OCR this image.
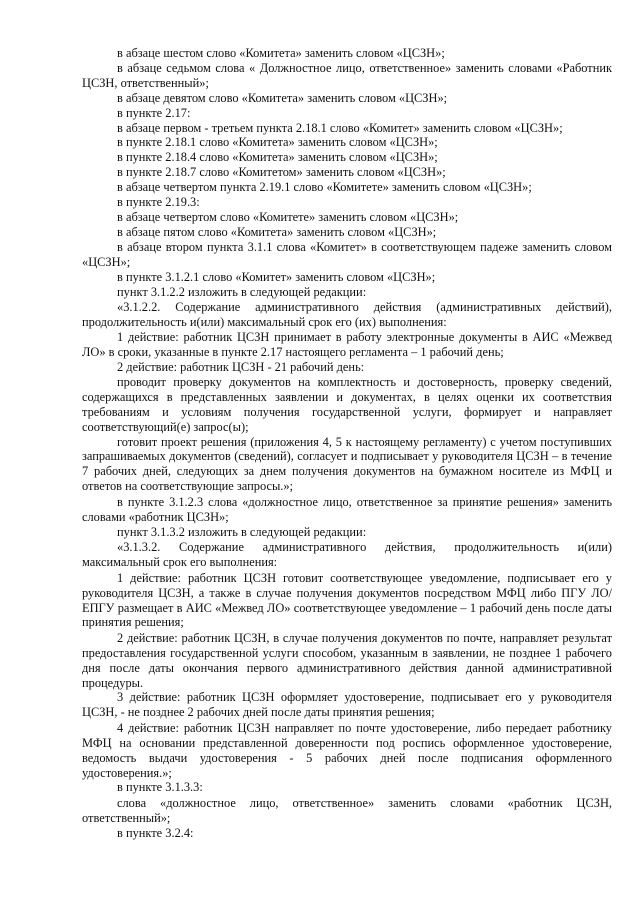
в абзаце шестом слово «Комитета» заменить словом «ЦСЗН»;

в абзаце седьмом слова « Должностное лицо, ответственное» заменить словами «Работник ЦСЗН, ответственный»;

в абзаце девятом слово «Комитета» заменить словом «ЦСЗН»;

в пункте 2.17:

в абзаце первом - третьем пункта 2.18.1 слово «Комитет» заменить словом «ЦСЗН»;

в пункте 2.18.1 слово «Комитета» заменить словом «ЦСЗН»;

в пункте 2.18.4 слово «Комитета» заменить словом «ЦСЗН»;

в пункте 2.18.7 слово «Комитетом» заменить словом «ЦСЗН»;

в абзаце четвертом пункта 2.19.1 слово «Комитете» заменить словом «ЦСЗН»;

в пункте 2.19.3:

в абзаце четвертом слово «Комитете» заменить словом «ЦСЗН»;

в абзаце пятом слово «Комитета» заменить словом «ЦСЗН»;

в абзаце втором пункта 3.1.1 слова «Комитет» в соответствующем падеже заменить словом «ЦСЗН»;

в пункте 3.1.2.1 слово «Комитет» заменить словом «ЦСЗН»;

пункт 3.1.2.2 изложить в следующей редакции:

«3.1.2.2. Содержание административного действия (административных действий), продолжительность и(или) максимальный срок его (их) выполнения:

1 действие: работник ЦСЗН принимает в работу электронные документы в АИС «Межвед ЛО» в сроки, указанные в пункте 2.17 настоящего регламента – 1 рабочий день;

2 действие: работник ЦСЗН - 21 рабочий день:

проводит проверку документов на комплектность и достоверность, проверку сведений, содержащихся в представленных заявлении и документах, в целях оценки их соответствия требованиям и условиям получения государственной услуги, формирует и направляет соответствующий(е) запрос(ы);

готовит проект решения (приложения 4, 5 к настоящему регламенту) с учетом поступивших запрашиваемых документов (сведений), согласует и подписывает у руководителя ЦСЗН – в течение 7 рабочих дней, следующих за днем получения документов на бумажном носителе из МФЦ и ответов на соответствующие запросы.»;

в пункте 3.1.2.3 слова «должностное лицо, ответственное за принятие решения» заменить словами «работник ЦСЗН»;

пункт 3.1.3.2 изложить в следующей редакции:

«3.1.3.2. Содержание административного действия, продолжительность и(или) максимальный срок его выполнения:

1 действие: работник ЦСЗН готовит соответствующее уведомление, подписывает его у руководителя ЦСЗН, а также в случае получения документов посредством МФЦ либо ПГУ ЛО/ЕПГУ размещает в АИС «Межвед ЛО» соответствующее уведомление – 1 рабочий день после даты принятия решения;

2 действие: работник ЦСЗН, в случае получения документов по почте, направляет результат предоставления государственной услуги способом, указанным в заявлении, не позднее 1 рабочего дня после даты окончания первого административного действия данной административной процедуры.

3 действие: работник ЦСЗН оформляет удостоверение, подписывает его у руководителя ЦСЗН, - не позднее 2 рабочих дней после даты принятия решения;

4 действие: работник ЦСЗН направляет по почте удостоверение, либо передает работнику МФЦ на основании представленной доверенности под роспись оформленное удостоверение, ведомость выдачи удостоверения - 5 рабочих дней после подписания оформленного удостоверения.»;

в пункте 3.1.3.3:

слова «должностное лицо, ответственное» заменить словами «работник ЦСЗН, ответственный»;

в пункте 3.2.4:
